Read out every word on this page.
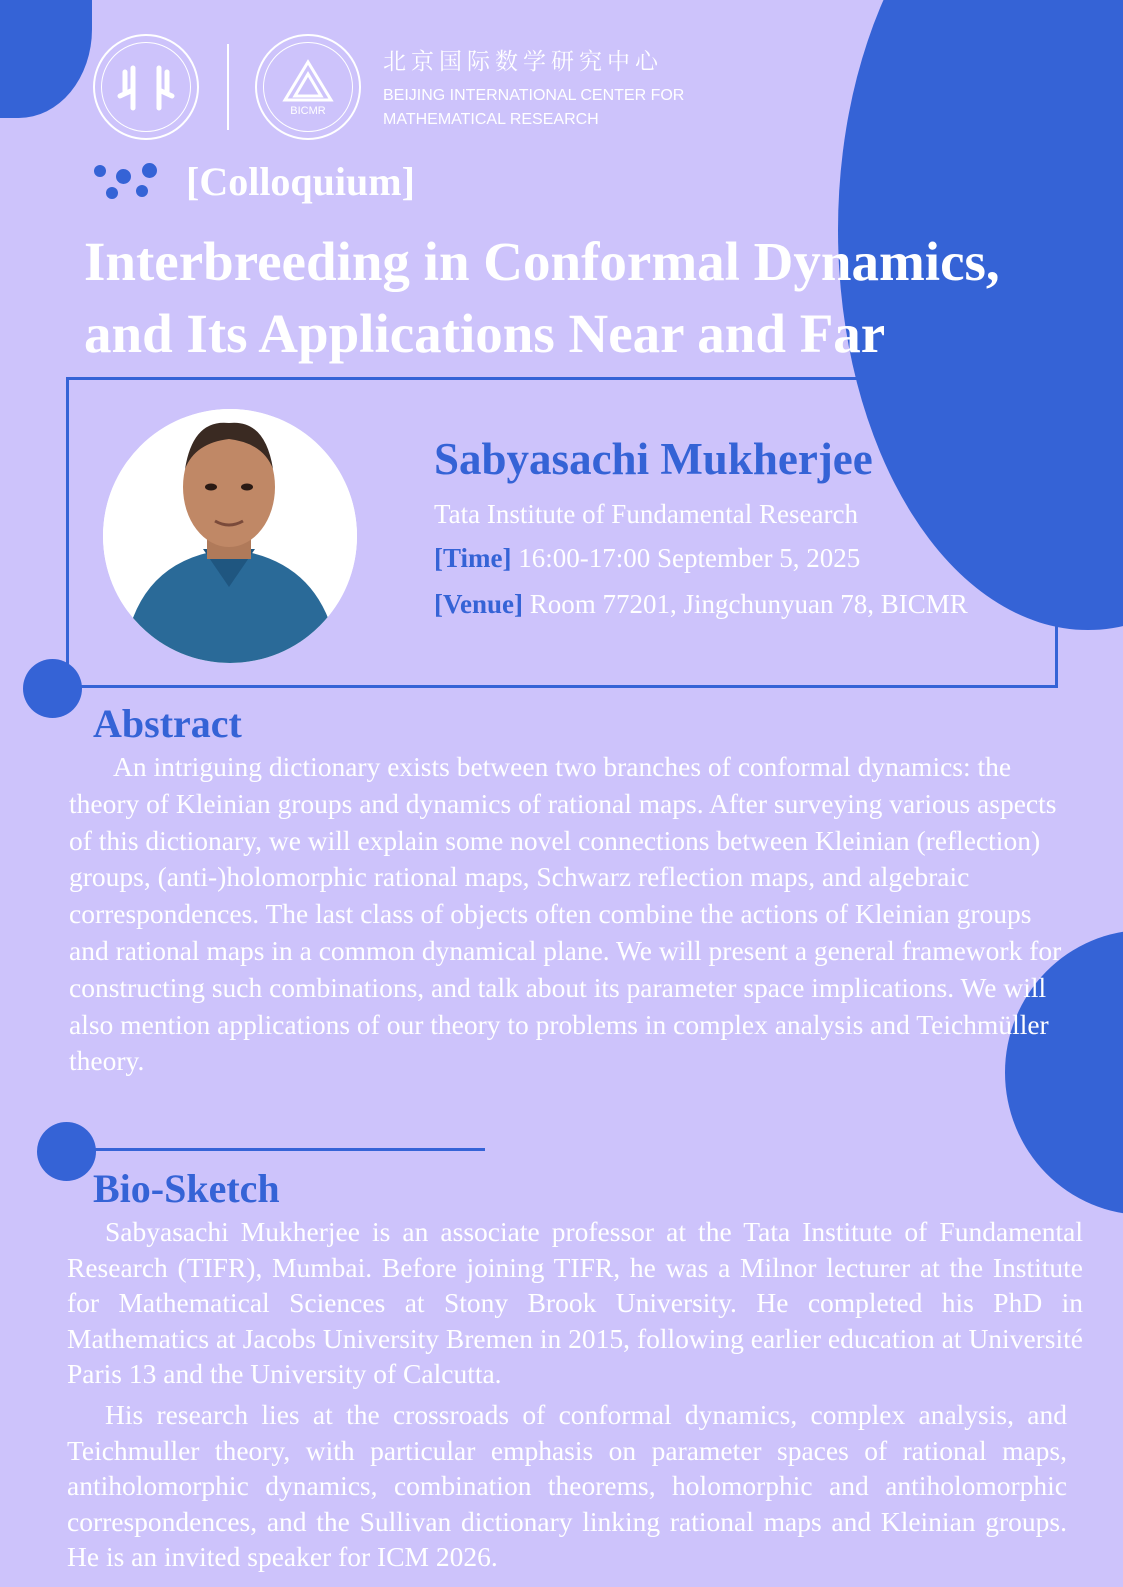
BICMR
北京国际数学研究中心
BEIJING INTERNATIONAL CENTER FOR
MATHEMATICAL RESEARCH
[Colloquium]
Interbreeding in Conformal Dynamics,
and Its Applications Near and Far
Sabyasachi Mukherjee
Tata Institute of Fundamental Research
[Time] 16:00-17:00 September 5, 2025
[Venue] Room 77201, Jingchunyuan 78, BICMR
Abstract

An intriguing dictionary exists between two branches of conformal dynamics: the theory of Kleinian groups and dynamics of rational maps. After surveying various aspects of this dictionary, we will explain some novel connections between Kleinian (reflection) groups, (anti-)holomorphic rational maps, Schwarz reflection maps, and algebraic correspondences. The last class of objects often combine the actions of Kleinian groups and rational maps in a common dynamical plane. We will present a general framework for constructing such combinations, and talk about its parameter space implications. We will also mention applications of our theory to problems in complex analysis and Teichmüller theory.

Bio-Sketch

Sabyasachi Mukherjee is an associate professor at the Tata Institute of Fundamental Research (TIFR), Mumbai. Before joining TIFR, he was a Milnor lecturer at the Institute for Mathematical Sciences at Stony Brook University. He completed his PhD in Mathematics at Jacobs University Bremen in 2015, following earlier education at Université Paris 13 and the University of Calcutta.

His research lies at the crossroads of conformal dynamics, complex analysis, and Teichmuller theory, with particular emphasis on parameter spaces of rational maps, antiholomorphic dynamics, combination theorems, holomorphic and antiholomorphic correspondences, and the Sullivan dictionary linking rational maps and Kleinian groups. He is an invited speaker for ICM 2026.
